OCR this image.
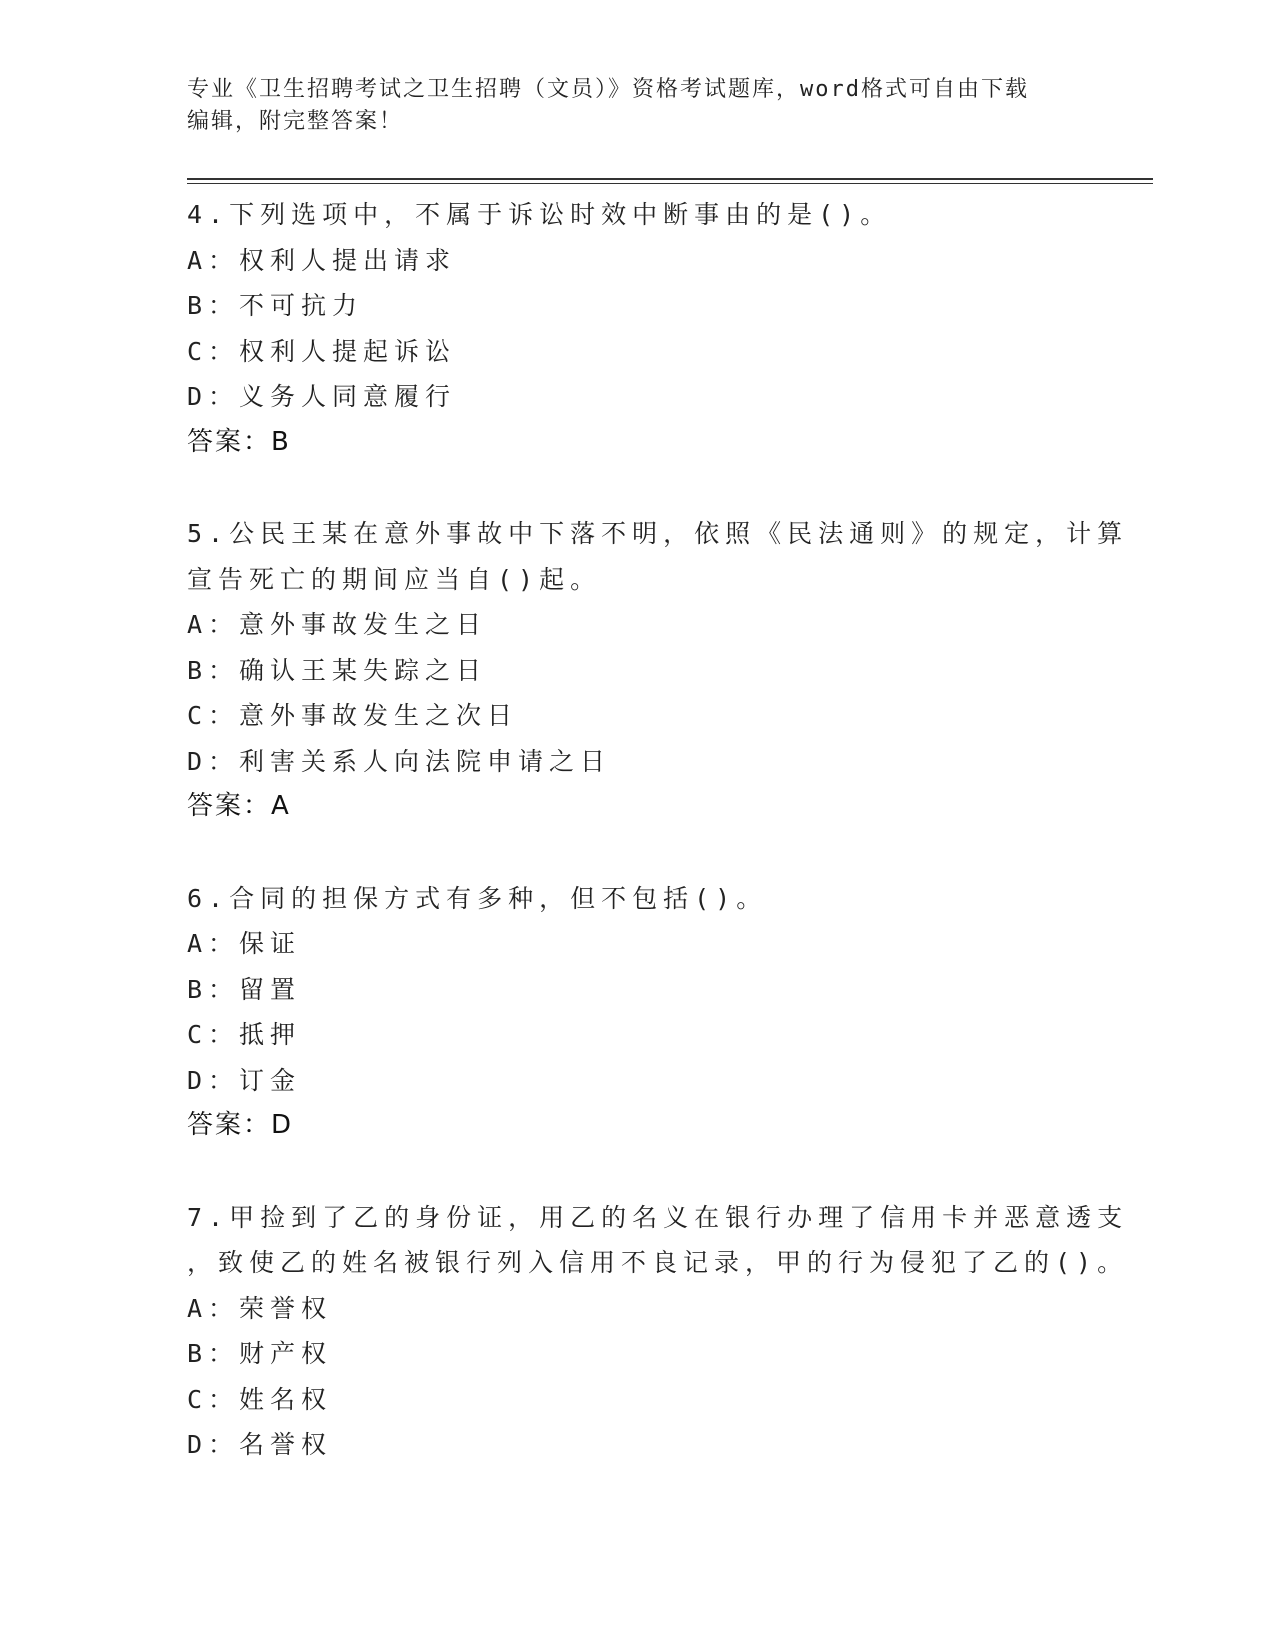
专业《卫生招聘考试之卫生招聘（文员）》资格考试题库，word格式可自由下载
编辑，附完整答案！
4.下列选项中，不属于诉讼时效中断事由的是()。
A：权利人提出请求
B：不可抗力
C：权利人提起诉讼
D：义务人同意履行
答案：B
5.公民王某在意外事故中下落不明，依照《民法通则》的规定，计算
宣告死亡的期间应当自()起。
A：意外事故发生之日
B：确认王某失踪之日
C：意外事故发生之次日
D：利害关系人向法院申请之日
答案：A
6.合同的担保方式有多种，但不包括()。
A：保证
B：留置
C：抵押
D：订金
答案：D
7.甲捡到了乙的身份证，用乙的名义在银行办理了信用卡并恶意透支
，致使乙的姓名被银行列入信用不良记录，甲的行为侵犯了乙的()。
A：荣誉权
B：财产权
C：姓名权
D：名誉权
